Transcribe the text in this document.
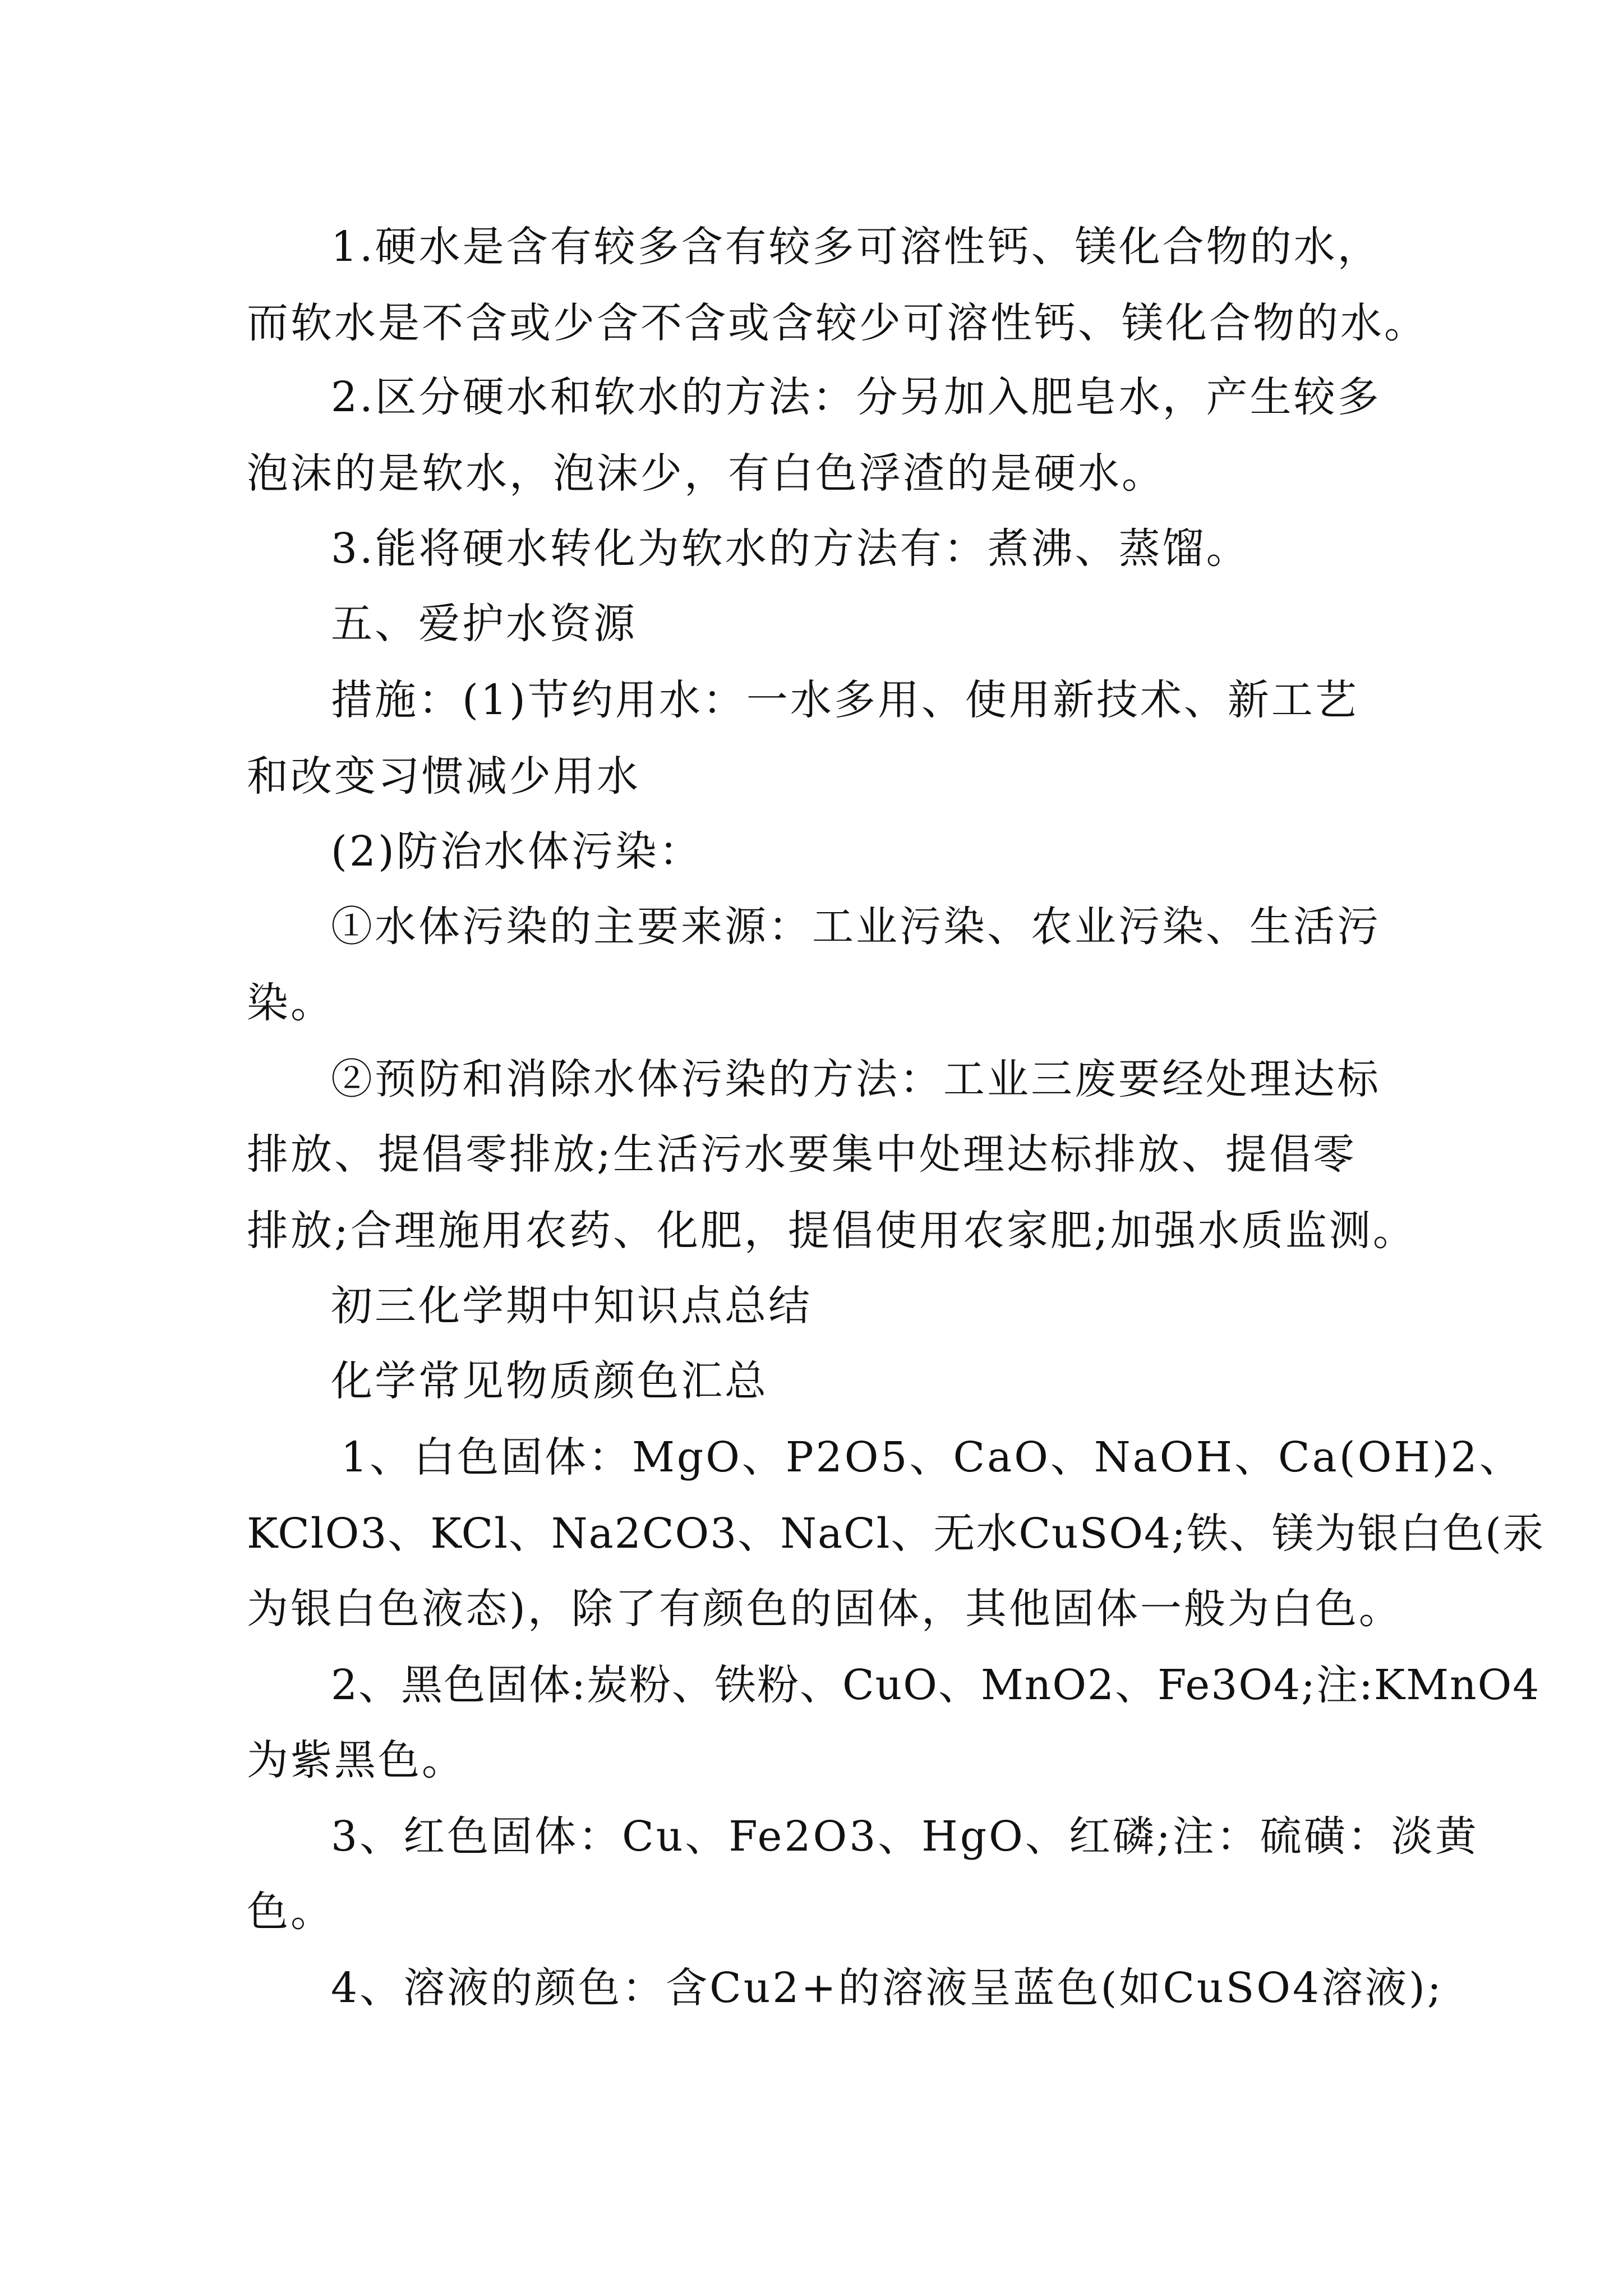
1.硬水是含有较多含有较多可溶性钙、镁化合物的水，
而软水是不含或少含不含或含较少可溶性钙、镁化合物的水。
2.区分硬水和软水的方法：分另加入肥皂水，产生较多
泡沫的是软水，泡沫少，有白色浮渣的是硬水。
3.能将硬水转化为软水的方法有：煮沸、蒸馏。
五、爱护水资源
措施：(1)节约用水：一水多用、使用新技术、新工艺
和改变习惯减少用水
(2)防治水体污染：
①水体污染的主要来源：工业污染、农业污染、生活污
染。
②预防和消除水体污染的方法：工业三废要经处理达标
排放、提倡零排放;生活污水要集中处理达标排放、提倡零
排放;合理施用农药、化肥，提倡使用农家肥;加强水质监测。
初三化学期中知识点总结
化学常见物质颜色汇总
1、白色固体：MgO、P2O5、CaO、NaOH、Ca(OH)2、
KClO3、KCl、Na2CO3、NaCl、无水CuSO4;铁、镁为银白色(汞
为银白色液态)，除了有颜色的固体，其他固体一般为白色。
2、黑色固体:炭粉、铁粉、CuO、MnO2、Fe3O4;注:KMnO4
为紫黑色。
3、红色固体：Cu、Fe2O3、HgO、红磷;注：硫磺：淡黄
色。
4、溶液的颜色：含Cu2+的溶液呈蓝色(如CuSO4溶液);
